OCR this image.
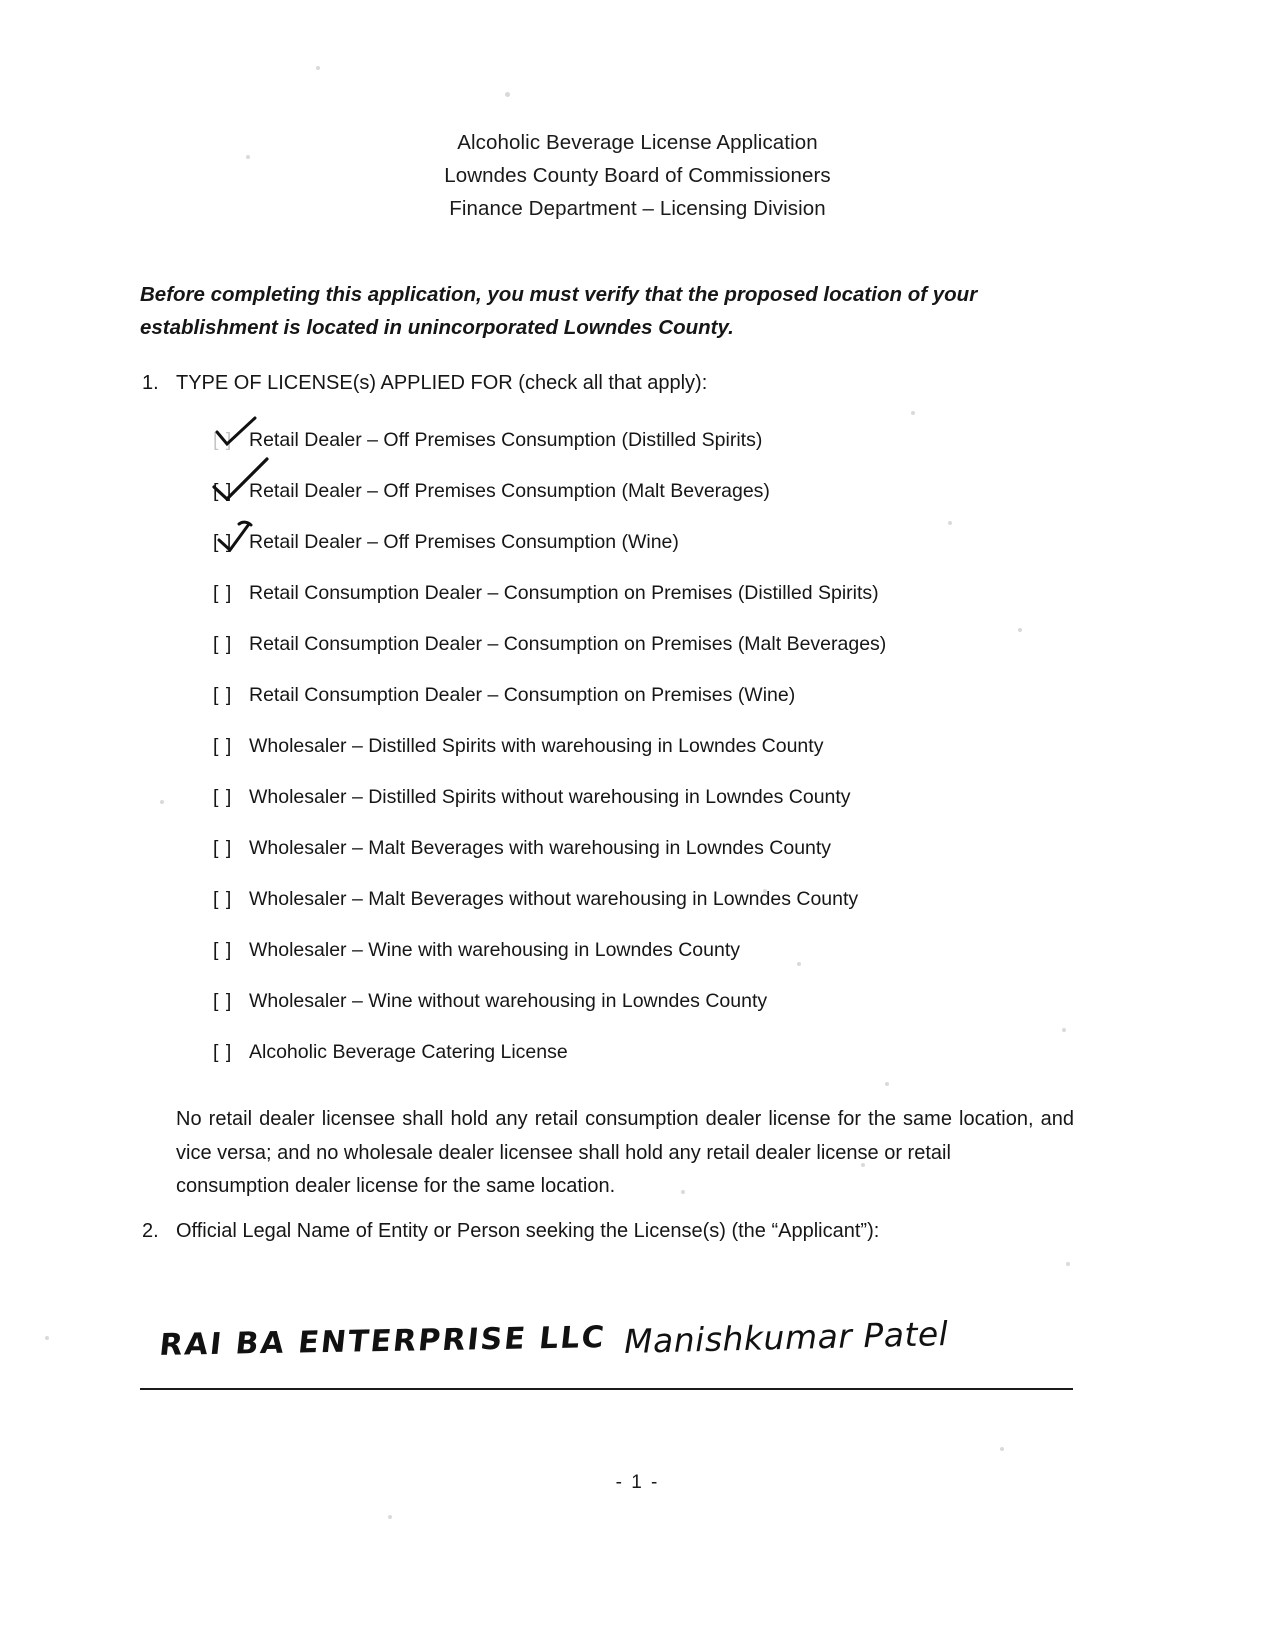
Alcoholic Beverage License Application
Lowndes County Board of Commissioners
Finance Department – Licensing Division
Before completing this application, you must verify that the proposed location of your establishment is located in unincorporated Lowndes County.
1. TYPE OF LICENSE(s) APPLIED FOR (check all that apply):
[ ] Retail Dealer – Off Premises Consumption (Distilled Spirits)
[ ] Retail Dealer – Off Premises Consumption (Malt Beverages)
[ ] Retail Dealer – Off Premises Consumption (Wine)
[ ] Retail Consumption Dealer – Consumption on Premises (Distilled Spirits)
[ ] Retail Consumption Dealer – Consumption on Premises (Malt Beverages)
[ ] Retail Consumption Dealer – Consumption on Premises (Wine)
[ ] Wholesaler – Distilled Spirits with warehousing in Lowndes County
[ ] Wholesaler – Distilled Spirits without warehousing in Lowndes County
[ ] Wholesaler – Malt Beverages with warehousing in Lowndes County
[ ] Wholesaler – Malt Beverages without warehousing in Lowndes County
[ ] Wholesaler – Wine with warehousing in Lowndes County
[ ] Wholesaler – Wine without warehousing in Lowndes County
[ ] Alcoholic Beverage Catering License
No retail dealer licensee shall hold any retail consumption dealer license for the same location, and vice versa; and no wholesale dealer licensee shall hold any retail dealer license or retail
consumption dealer license for the same location.
2. Official Legal Name of Entity or Person seeking the License(s) (the “Applicant”):
RAI BA ENTERPRISE LLC Manishkumar Patel
- 1 -
